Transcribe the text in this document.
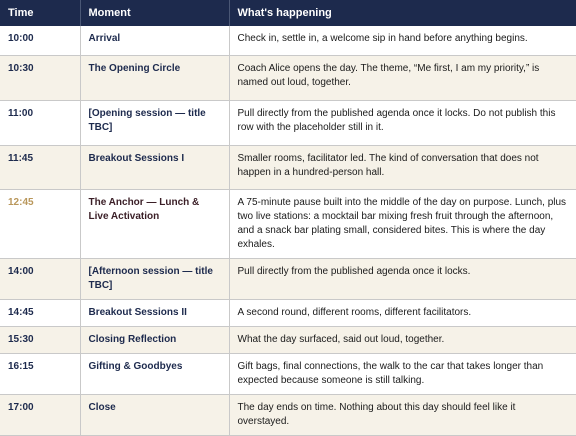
Time	Moment	What's happening
10:00	Arrival	Check in, settle in, a welcome sip in hand before anything begins.
10:30	The Opening Circle	Coach Alice opens the day. The theme, “Me first, I am my priority,” is named out loud, together.
11:00	[Opening session — title TBC]	Pull directly from the published agenda once it locks. Do not publish this row with the placeholder still in it.
11:45	Breakout Sessions I	Smaller rooms, facilitator led. The kind of conversation that does not happen in a hundred-person hall.
12:45	The Anchor — Lunch & Live Activation	A 75-minute pause built into the middle of the day on purpose. Lunch, plus two live stations: a mocktail bar mixing fresh fruit through the afternoon, and a snack bar plating small, considered bites. This is where the day exhales.
14:00	[Afternoon session — title TBC]	Pull directly from the published agenda once it locks.
14:45	Breakout Sessions II	A second round, different rooms, different facilitators.
15:30	Closing Reflection	What the day surfaced, said out loud, together.
16:15	Gifting & Goodbyes	Gift bags, final connections, the walk to the car that takes longer than expected because someone is still talking.
17:00	Close	The day ends on time. Nothing about this day should feel like it overstayed.
